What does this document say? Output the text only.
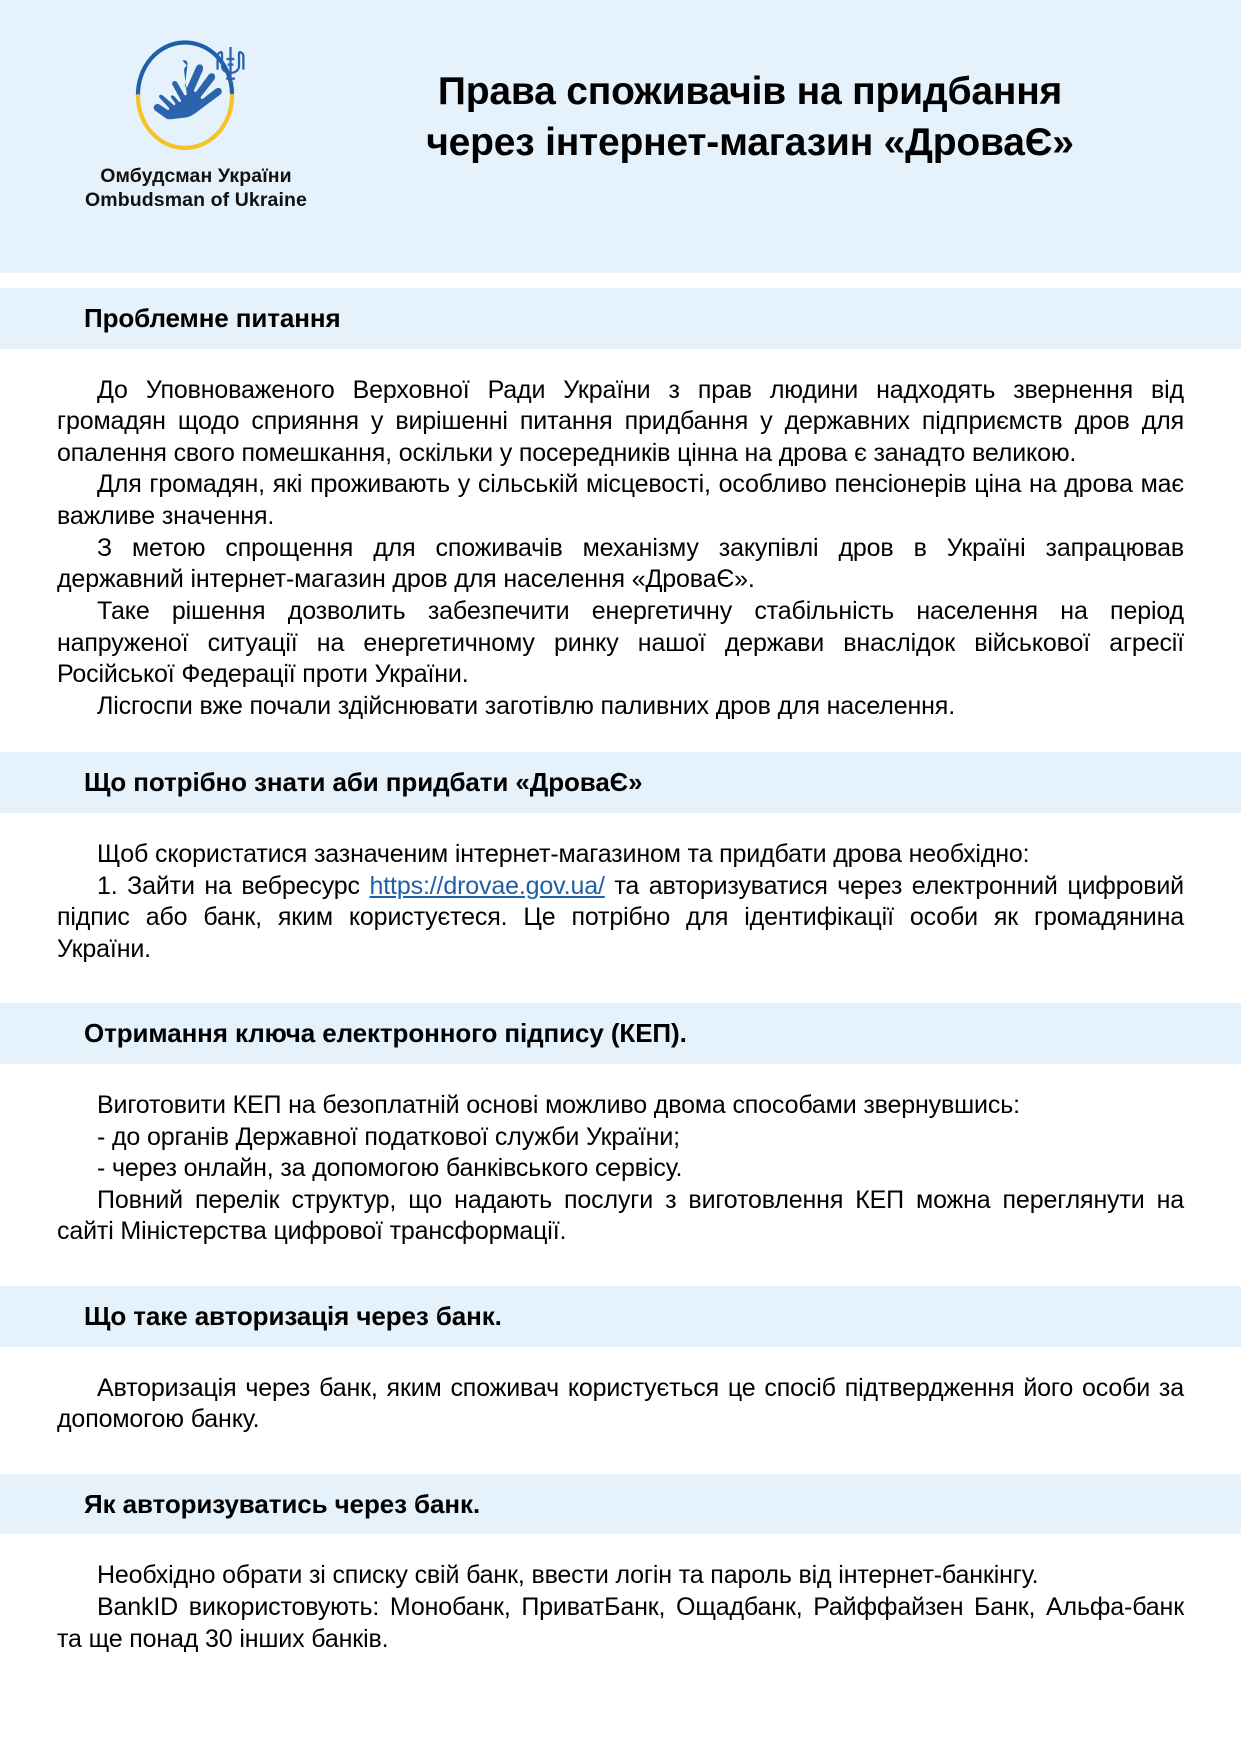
Омбудсман України
Ombudsman of Ukraine
Права споживачів на придбання
через інтернет-магазин «ДроваЄ»
Проблемне питання

До Уповноваженого Верховної Ради України з прав людини надходять звернення від громадян щодо сприяння у вирішенні питання придбання у державних підприємств дров для опалення свого помешкання, оскільки у посередників цінна на дрова є занадто великою.

Для громадян, які проживають у сільській місцевості, особливо пенсіонерів ціна на дрова має важливе значення.

З метою спрощення для споживачів механізму закупівлі дров в Україні запрацював державний інтернет-магазин дров для населення «ДроваЄ».

Таке рішення дозволить забезпечити енергетичну стабільність населення на період напруженої ситуації на енергетичному ринку нашої держави внаслідок військової агресії Російської Федерації проти України.

Лісгоспи вже почали здійснювати заготівлю паливних дров для населення.

Що потрібно знати аби придбати «ДроваЄ»

Щоб скористатися зазначеним інтернет-магазином та придбати дрова необхідно:

1. Зайти на вебресурс https://drovae.gov.ua/ та авторизуватися через електронний цифровий підпис або банк, яким користуєтеся. Це потрібно для ідентифікації особи як громадянина України.

Отримання ключа електронного підпису (КЕП).

Виготовити КЕП на безоплатній основі можливо двома способами звернувшись:

- до органів Державної податкової служби України;

- через онлайн, за допомогою банківського сервісу.

Повний перелік структур, що надають послуги з виготовлення КЕП можна переглянути на сайті Міністерства цифрової трансформації.

Що таке авторизація через банк.

Авторизація через банк, яким споживач користується це спосіб підтвердження його особи за допомогою банку.

Як авторизуватись через банк.

Необхідно обрати зі списку свій банк, ввести логін та пароль від інтернет-банкінгу.

BankID використовують: Монобанк, ПриватБанк, Ощадбанк, Райффайзен Банк, Альфа-банк та ще понад 30 інших банків.
